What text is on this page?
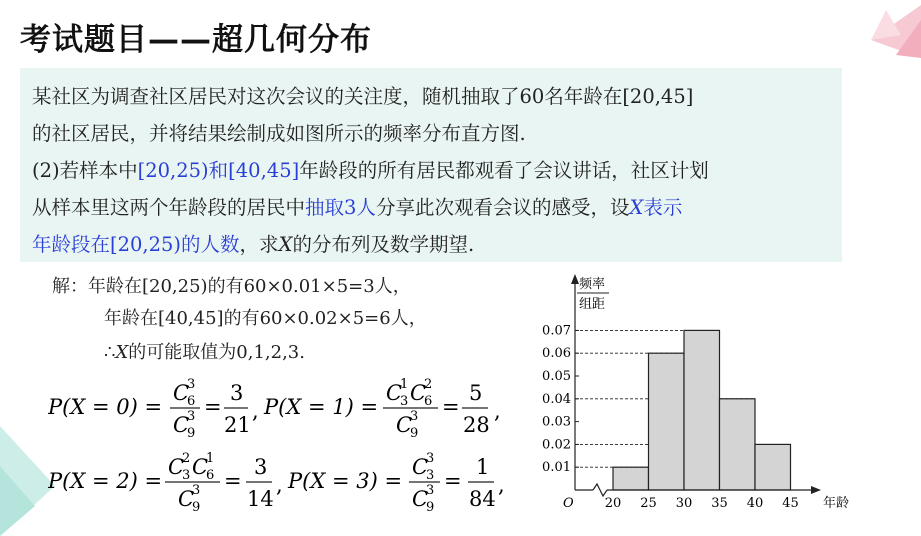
考试题目——超几何分布
某社区为调查社区居民对这次会议的关注度，随机抽取了60名年龄在[20,45]
的社区居民，并将结果绘制成如图所示的频率分布直方图.
(2)若样本中[20,25)和[40,45]年龄段的所有居民都观看了会议讲话，社区计划
从样本里这两个年龄段的居民中抽取3人分享此次观看会议的感受，设X表示
年龄段在[20,25)的人数，求X的分布列及数学期望.
解：年龄在[20,25)的有60×0.01×5=3人，
年龄在[40,45]的有60×0.02×5=6人，
∴X的可能取值为0,1,2,3.
P(X = 0) =
C
3
6
C
3
9
=
3
21
, P(X = 1) =
C
1
3 C
2
6
C
3
9
=
5
28
,
P(X = 2) =
C
2
3 C
1
6
C
3
9
=
3
14
, P(X = 3) =
C
3
3
C
3
9
=
1
84
,
0.01
0.02
0.03
0.04
0.05
0.06
0.07
20 25 30 35 40 45
O
频率
组距
年龄
